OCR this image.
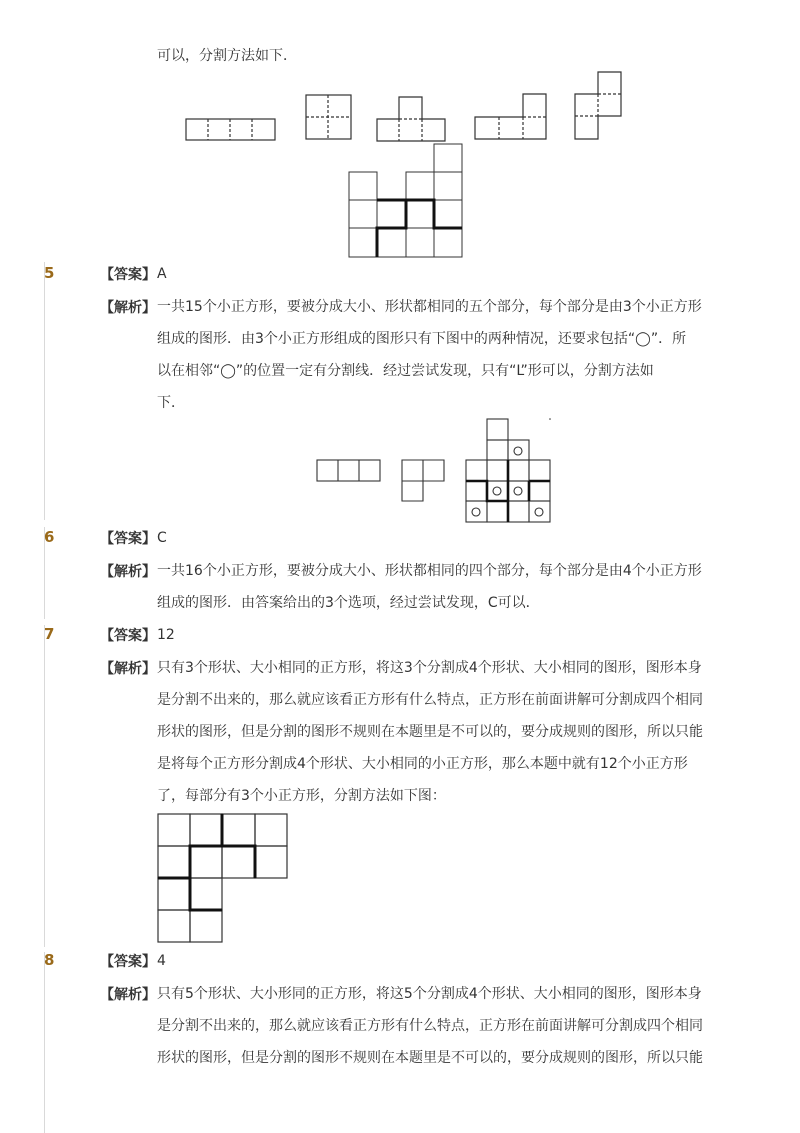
可以，分割方法如下．
5	【答案】 A
【解析】 一共15个小正方形，要被分成大小、形状都相同的五个部分，每个部分是由3个小正方形
组成的图形．由3个小正方形组成的图形只有下图中的两种情况，还要求包括“◯”．所
以在相邻“◯”的位置一定有分割线．经过尝试发现，只有“L”形可以，分割方法如
下．
6	【答案】 C
【解析】 一共16个小正方形，要被分成大小、形状都相同的四个部分，每个部分是由4个小正方形
组成的图形．由答案给出的3个选项，经过尝试发现，C可以．
7	【答案】 12
【解析】 只有3个形状、大小相同的正方形，将这3个分割成4个形状、大小相同的图形，图形本身
是分割不出来的，那么就应该看正方形有什么特点，正方形在前面讲解可分割成四个相同
形状的图形，但是分割的图形不规则在本题里是不可以的，要分成规则的图形，所以只能
是将每个正方形分割成4个形状、大小相同的小正方形，那么本题中就有12个小正方形
了，每部分有3个小正方形，分割方法如下图：
8	【答案】 4
【解析】 只有5个形状、大小形同的正方形，将这5个分割成4个形状、大小相同的图形，图形本身
是分割不出来的，那么就应该看正方形有什么特点，正方形在前面讲解可分割成四个相同
形状的图形，但是分割的图形不规则在本题里是不可以的，要分成规则的图形，所以只能
